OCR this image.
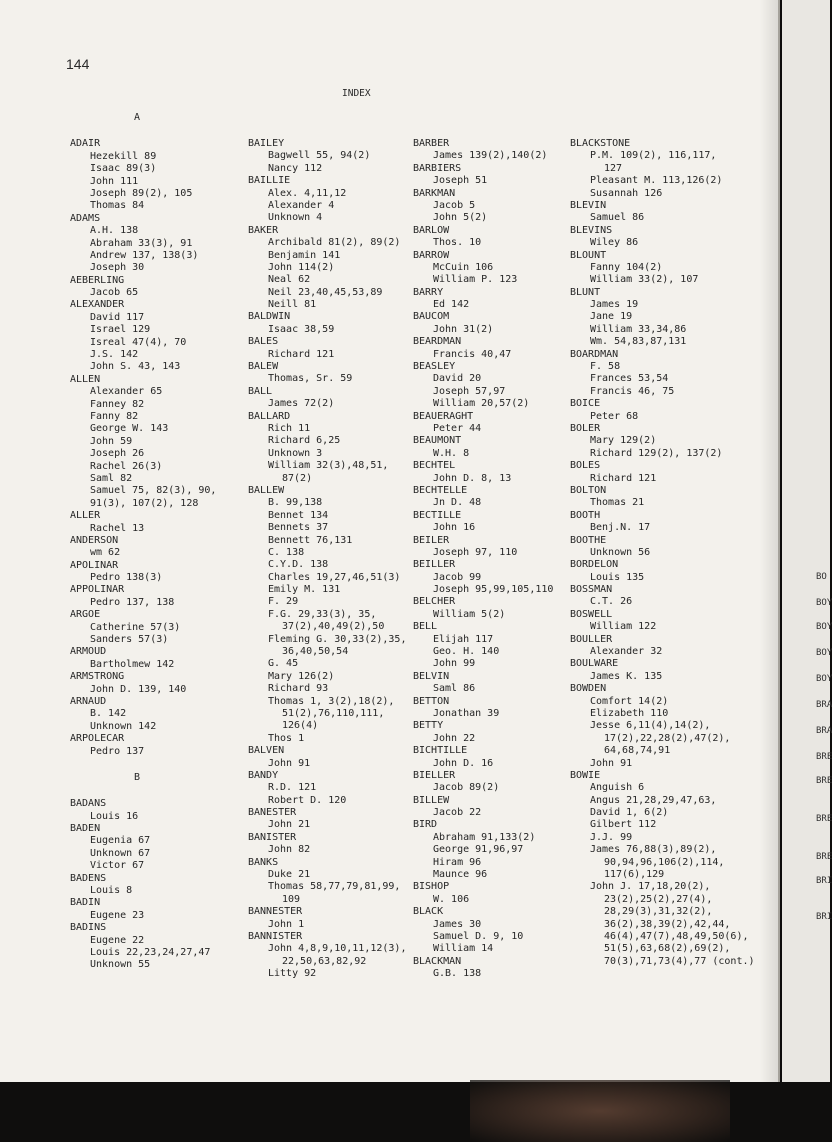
144
INDEX
A
ADAIR
Hezekill 89
Isaac 89(3)
John 111
Joseph 89(2), 105
Thomas 84
ADAMS
A.H. 138
Abraham 33(3), 91
Andrew 137, 138(3)
Joseph 30
AEBERLING
Jacob 65
ALEXANDER
David 117
Israel 129
Isreal 47(4), 70
J.S. 142
John S. 43, 143
ALLEN
Alexander 65
Fanney 82
Fanny 82
George W. 143
John 59
Joseph 26
Rachel 26(3)
Saml 82
Samuel 75, 82(3), 90,
91(3), 107(2), 128
ALLER
Rachel 13
ANDERSON
wm 62
APOLINAR
Pedro 138(3)
APPOLINAR
Pedro 137, 138
ARGOE
Catherine 57(3)
Sanders 57(3)
ARMOUD
Bartholmew 142
ARMSTRONG
John D. 139, 140
ARNAUD
B. 142
Unknown 142
ARPOLECAR
Pedro 137
B
BADANS
Louis 16
BADEN
Eugenia 67
Unknown 67
Victor 67
BADENS
Louis 8
BADIN
Eugene 23
BADINS
Eugene 22
Louis 22,23,24,27,47
Unknown 55
BAILEY
Bagwell 55, 94(2)
Nancy 112
BAILLIE
Alex. 4,11,12
Alexander 4
Unknown 4
BAKER
Archibald 81(2), 89(2)
Benjamin 141
John 114(2)
Neal 62
Neil 23,40,45,53,89
Neill 81
BALDWIN
Isaac 38,59
BALES
Richard 121
BALEW
Thomas, Sr. 59
BALL
James 72(2)
BALLARD
Rich 11
Richard 6,25
Unknown 3
William 32(3),48,51,
87(2)
BALLEW
B. 99,138
Bennet 134
Bennets 37
Bennett 76,131
C. 138
C.Y.D. 138
Charles 19,27,46,51(3)
Emily M. 131
F. 29
F.G. 29,33(3), 35,
37(2),40,49(2),50
Fleming G. 30,33(2),35,
36,40,50,54
G. 45
Mary 126(2)
Richard 93
Thomas 1, 3(2),18(2),
51(2),76,110,111,
126(4)
Thos 1
BALVEN
John 91
BANDY
R.D. 121
Robert D. 120
BANESTER
John 21
BANISTER
John 82
BANKS
Duke 21
Thomas 58,77,79,81,99,
109
BANNESTER
John 1
BANNISTER
John 4,8,9,10,11,12(3),
22,50,63,82,92
Litty 92
BARBER
James 139(2),140(2)
BARBIERS
Joseph 51
BARKMAN
Jacob 5
John 5(2)
BARLOW
Thos. 10
BARROW
McCuin 106
William P. 123
BARRY
Ed 142
BAUCOM
John 31(2)
BEARDMAN
Francis 40,47
BEASLEY
David 20
Joseph 57,97
William 20,57(2)
BEAUERAGHT
Peter 44
BEAUMONT
W.H. 8
BECHTEL
John D. 8, 13
BECHTELLE
Jn D. 48
BECTILLE
John 16
BEILER
Joseph 97, 110
BEILLER
Jacob 99
Joseph 95,99,105,110
BELCHER
William 5(2)
BELL
Elijah 117
Geo. H. 140
John 99
BELVIN
Saml 86
BETTON
Jonathan 39
BETTY
John 22
BICHTILLE
John D. 16
BIELLER
Jacob 89(2)
BILLEW
Jacob 22
BIRD
Abraham 91,133(2)
George 91,96,97
Hiram 96
Maunce 96
BISHOP
W. 106
BLACK
James 30
Samuel D. 9, 10
William 14
BLACKMAN
G.B. 138
BLACKSTONE
P.M. 109(2), 116,117,
127
Pleasant M. 113,126(2)
Susannah 126
BLEVIN
Samuel 86
BLEVINS
Wiley 86
BLOUNT
Fanny 104(2)
William 33(2), 107
BLUNT
James 19
Jane 19
William 33,34,86
Wm. 54,83,87,131
BOARDMAN
F. 58
Frances 53,54
Francis 46, 75
BOICE
Peter 68
BOLER
Mary 129(2)
Richard 129(2), 137(2)
BOLES
Richard 121
BOLTON
Thomas 21
BOOTH
Benj.N. 17
BOOTHE
Unknown 56
BORDELON
Louis 135
BOSSMAN
C.T. 26
BOSWELL
William 122
BOULLER
Alexander 32
BOULWARE
James K. 135
BOWDEN
Comfort 14(2)
Elizabeth 110
Jesse 6,11(4),14(2),
17(2),22,28(2),47(2),
64,68,74,91
John 91
BOWIE
Anguish 6
Angus 21,28,29,47,63,
David 1, 6(2)
Gilbert 112
J.J. 99
James 76,88(3),89(2),
90,94,96,106(2),114,
117(6),129
John J. 17,18,20(2),
23(2),25(2),27(4),
28,29(3),31,32(2),
36(2),38,39(2),42,44,
46(4),47(7),48,49,50(6),
51(5),63,68(2),69(2),
70(3),71,73(4),77 (cont.)
BO
BOY
BOY
BOY
BOY
BRA
BRA
BRE
BRE
BRE
BRE
BRI
BRI
